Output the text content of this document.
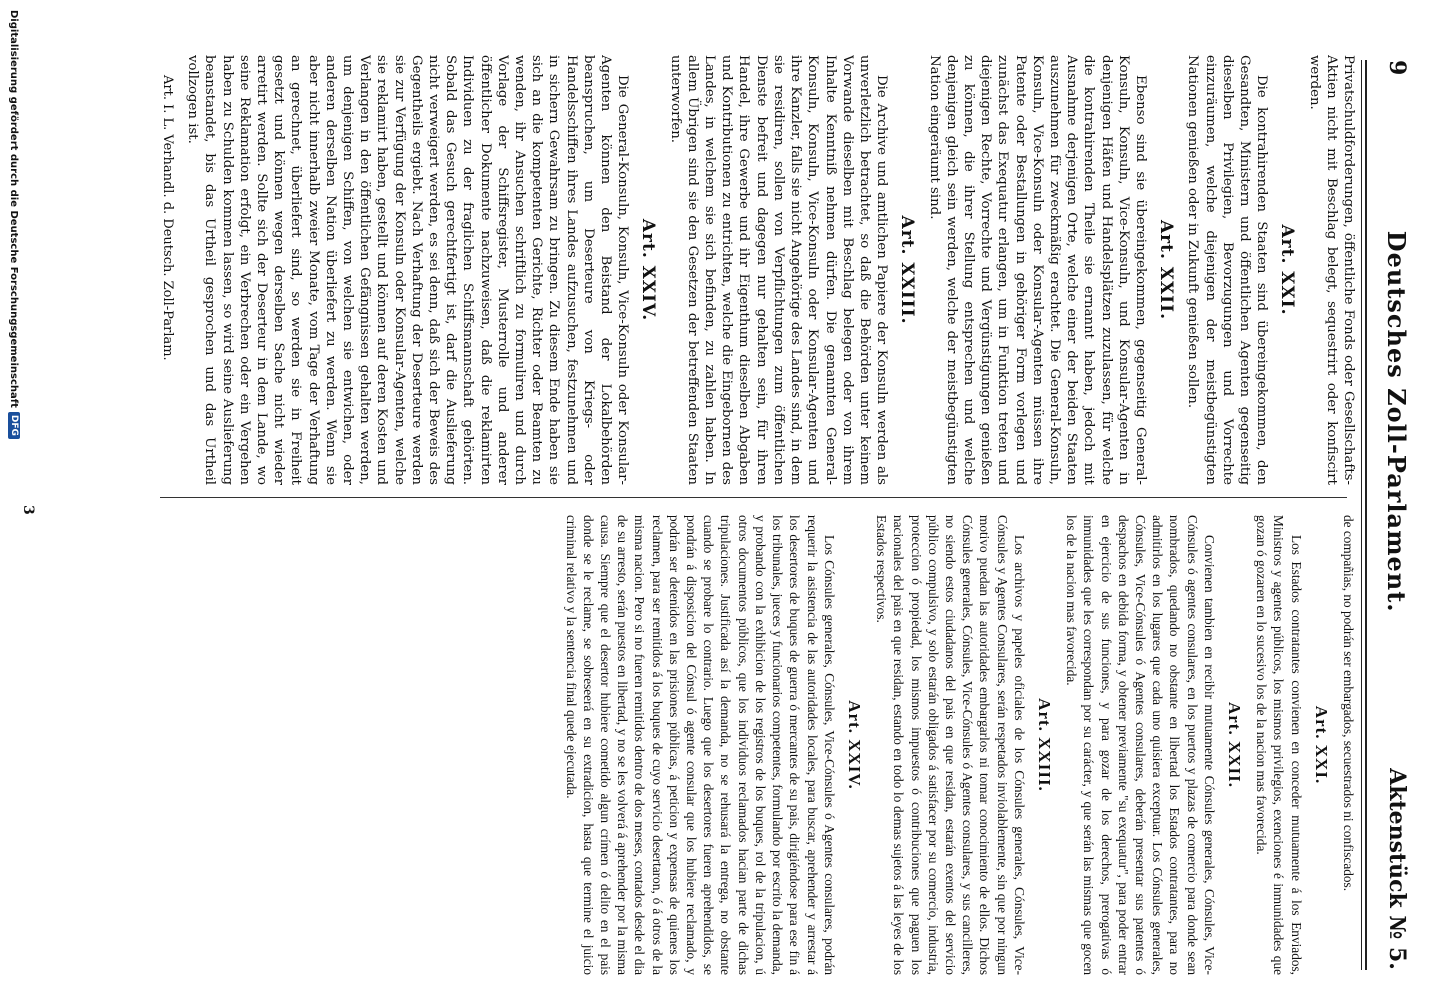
9
Deutsches Zoll-Parlament.
Aktenstück № 5.

Privatschuldforderungen, öffentliche Fonds oder Gesellschafts-Aktien nicht mit Beschlag belegt, sequestrirt oder konfiscirt werden.

Art. XXI.

Die kontrahirenden Staaten sind übereingekommen, den Gesandten, Ministern und öffentlichen Agenten gegenseitig dieselben Privilegien, Bevorzugungen und Vorrechte einzuräumen, welche diejenigen der meistbegünstigten Nationen genießen oder in Zukunft genießen sollen.

Art. XXII.

Ebenso sind sie übereingekommen, gegenseitig General-Konsuln, Konsuln, Vice-Konsuln, und Konsular-Agenten in denjenigen Häfen und Handelsplätzen zuzulassen, für welche die kontrahirenden Theile sie ernannt haben, jedoch mit Ausnahme derjenigen Orte, welche einer der beiden Staaten auszunehmen für zweckmäßig erachtet. Die General-Konsuln, Konsuln, Vice-Konsuln oder Konsular-Agenten müssen ihre Patente oder Bestallungen in gehöriger Form vorlegen und zunächst das Exequatur erlangen, um in Funktion treten und diejenigen Rechte, Vorrechte und Vergünstigungen genießen zu können, die ihrer Stellung entsprechen und welche denjenigen gleich sein werden, welche der meistbegünstigten Nation eingeräumt sind.

Art. XXIII.

Die Archive und amtlichen Papiere der Konsuln werden als unverletzlich betrachtet, so daß die Behörden unter keinem Vorwande dieselben mit Beschlag belegen oder von ihrem Inhalte Kenntniß nehmen dürfen. Die genannten General-Konsuln, Konsuln, Vice-Konsuln oder Konsular-Agenten und ihre Kanzler, falls sie nicht Angehörige des Landes sind, in dem sie residiren, sollen von Verpflichtungen zum öffentlichen Dienste befreit und dagegen nur gehalten sein, für ihren Handel, ihre Gewerbe und ihr Eigenthum dieselben Abgaben und Kontributionen zu entrichten, welche die Eingebornen des Landes, in welchem sie sich befinden, zu zahlen haben. In allem Übrigen sind sie den Gesetzen der betreffenden Staaten unterworfen.

Art. XXIV.

Die General-Konsuln, Konsuln, Vice-Konsuln oder Konsular-Agenten können den Beistand der Lokalbehörden beanspruchen, um Deserteure von Kriegs- oder Handelsschiffen ihres Landes aufzusuchen, festzunehmen und in sichern Gewahrsam zu bringen. Zu diesem Ende haben sie sich an die kompetenten Gerichte, Richter oder Beamten zu wenden, ihr Ansuchen schriftlich zu formuliren und durch Vorlage der Schiffsregister, Musterrolle und anderer öffentlicher Dokumente nachzuweisen, daß die reklamirten Individuen zu der fraglichen Schiffsmannschaft gehörten. Sobald das Gesuch gerechtfertigt ist, darf die Auslieferung nicht verweigert werden, es sei denn, daß sich der Beweis des Gegentheils ergiebt. Nach Verhaftung der Deserteure werden sie zur Verfügung der Konsuln oder Konsular-Agenten, welche sie reklamirt haben, gestellt und können auf deren Kosten und Verlangen in den öffentlichen Gefängnissen gehalten werden, um denjenigen Schiffen, von welchen sie entwichen, oder anderen derselben Nation überliefert zu werden. Wenn sie aber nicht innerhalb zweier Monate, vom Tage der Verhaftung an gerechnet, überliefert sind, so werden sie in Freiheit gesetzt und können wegen derselben Sache nicht wieder arretirt werden. Sollte sich der Deserteur in dem Lande, wo seine Reklamation erfolgt, ein Verbrechen oder ein Vergehen haben zu Schulden kommen lassen, so wird seine Auslieferung beanstandet, bis das Urtheil gesprochen und das Urtheil vollzogen ist.

Art. I. L. Verhandl. d. Deutsch. Zoll-Parlam.

de compañias, no podrán ser embargados, secuestrados ni confiscados.

Art. XXI.

Los Estados contratantes convienen en conceder mutuamente á los Enviados, Ministros y agentes públicos, los mismos privilegios, exenciones é inmunidades que gozan ó gozaren en lo sucesivo los de la nacion mas favorecida.

Art. XXII.

Convienen tambien en recibir mutuamente Cónsules generales, Cónsules, Vice-Cónsules ó agentes consulares, en los puertos y plazas de comercio para donde sean nombrados, quedando no obstante en libertad los Estados contratantes, para no admitirlos en los lugares que cada uno quisiera exceptuar. Los Cónsules generales, Cónsules, Vice-Cónsules ó Agentes consulares, deberán presentar sus patentes ó despachos en debida forma, y obtener previamente "su exequatur", para poder entrar en ejercicio de sus funciones, y para gozar de los derechos, prerogativas ó inmunidades que les correspondan por su carácter, y que serán las mismas que gocen los de la nacion mas favorecida.

Art. XXIII.

Los archivos y papeles oficiales de los Cónsules generales, Cónsules, Vice-Cónsules y Agentes Consulares, serán respetados inviolablemente, sin que por ningun motivo puedan las autoridades embargarlos ni tomar conocimiento de ellos. Dichos Cónsules generales, Cónsules, Vice-Cónsules ó Agentes consulares, y sus cancilleres, no siendo estos ciudadanos del pais en que residan, estarán exentos del servicio público compulsivo, y solo estarán obligados á satisfacer por su comercio, industria, proteccion ó propiedad, los mismos impuestos ó contribuciones que paguen los nacionales del pais en que residan, estando en todo lo demas sujetos á las leyes de los Estados respectivos.

Art. XXIV.

Los Cónsules generales, Cónsules, Vice-Cónsules ó Agentes consulares, podrán requerir la asistencia de las autoridades locales, para buscar, aprehender y arrestar á los desertores de buques de guerra ó mercantes de su pais, dirigiéndose para ese fin á los tribunales, jueces y funcionarios competentes, formulando por escrito la demanda, y probando con la exhibicion de los registros de los buques, rol de la tripulacion, ú otros documentos públicos, que los individuos reclamados hacian parte de dichas tripulaciones. Justificada así la demanda, no se rehusará la entrega, no obstante cuando se probare lo contrario. Luego que los desertores fueren aprehendidos, se pondrán á disposicion del Cónsul ó agente consular que los hubiere reclamado, y podrán ser detenidos en las prisiones públicas, á peticion y expensas de quienes los reclamen, para ser remitidos á los buques de cuyo servicio desertaron, ó á otros de la misma nacion. Pero si no fueren remitidos dentro de dos meses, contados desde el dia de su arresto, serán puestos en libertad, y no se les volverá á aprehender por la misma causa. Siempre que el desertor hubiere cometido algun crímen ó delito en el pais donde se le reclame, se sobreseerá en su extradicion, hasta que termine el juicio criminal relativo y la sentencia final quede ejecutada.

3
Digitalisierung gefördert durch die Deutsche Forschungsgemeinschaft
DFG
